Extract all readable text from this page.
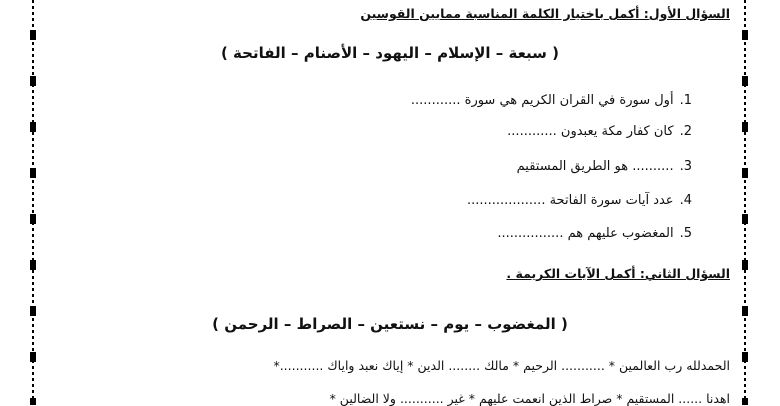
السؤال الأول: أكمل باختيار الكلمة المناسبة ممابين القوسين
( سبعة – الإسلام – اليهود – الأصنام – الفاتحة )
1.أول سورة في القران الكريم هي سورة ............
2.كان كفار مكة يعبدون ............
3........... هو الطريق المستقيم
4.عدد آيات سورة الفاتحة ...................
5.المغضوب عليهم هم ................
السؤال الثاني: أكمل الآيات الكريمة .
( المغضوب – يوم – نستعين – الصراط – الرحمن )
الحمدلله رب العالمين * ........... الرحيم * مالك ........ الدين * إياك نعبد واياك ...........*
اهدنا ...... المستقيم * صراط الذين انعمت عليهم * غير ........... ولا الضالين *
